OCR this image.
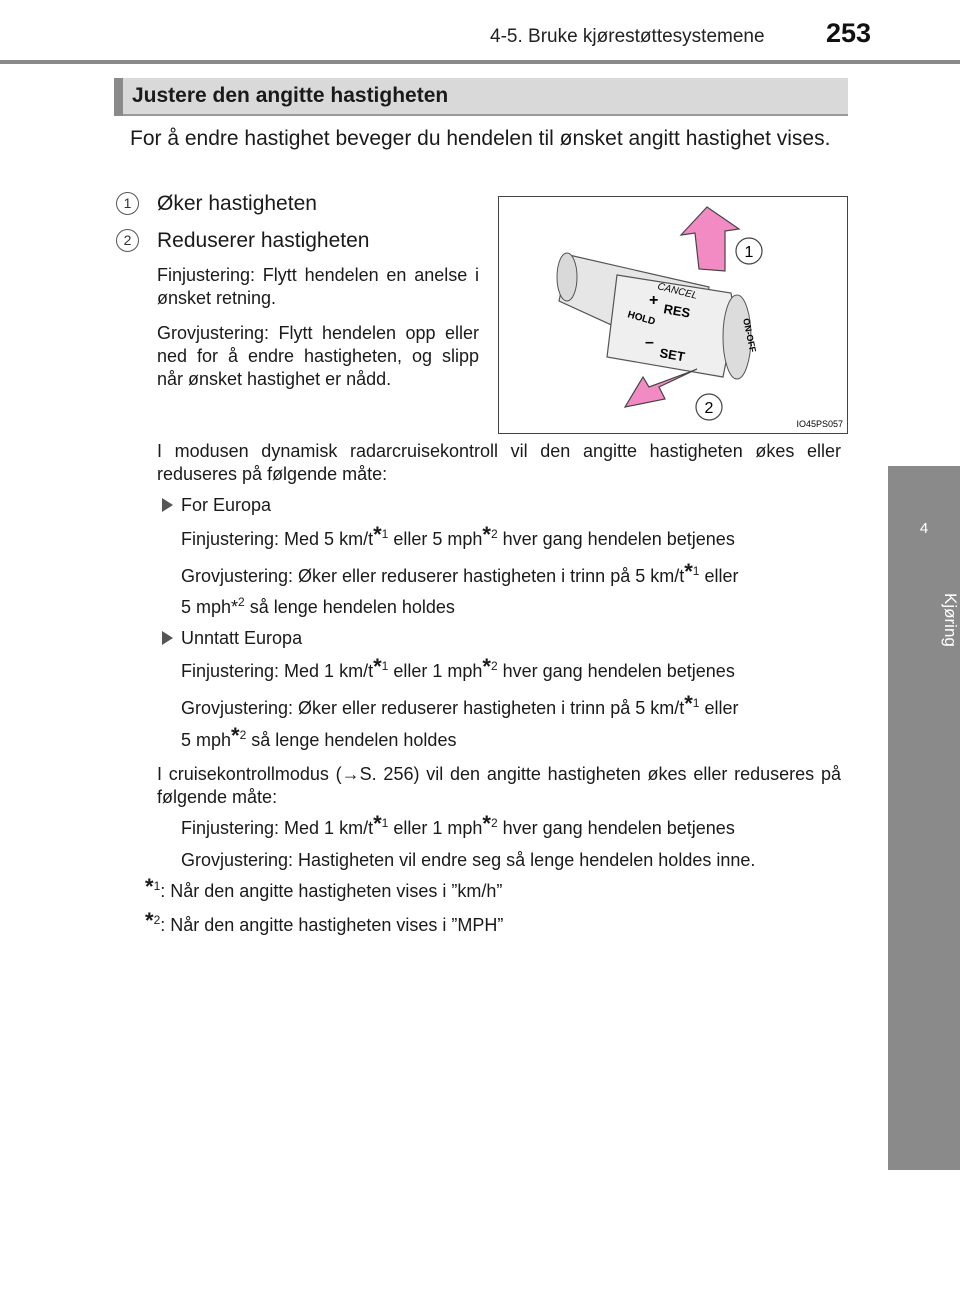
4-5. Bruke kjørestøttesystemene 253
4
Kjøring
Justere den angitte hastigheten
For å endre hastighet beveger du hendelen til ønsket angitt hastighet vises.
1	Øker hastigheten
2	Reduserer hastigheten
Finjustering: Flytt hendelen en anelse i ønsket retning.
Grovjustering: Flytt hendelen opp eller ned for å endre hastigheten, og slipp når ønsket hastighet er nådd.
CANCEL
+
RES
HOLD
–
SET
ON-OFF
1
2
IO45PS057
I modusen dynamisk radarcruisekontroll vil den angitte hastigheten økes eller reduseres på følgende måte:
For Europa
Finjustering: Med 5 km/t*$^1$ eller 5 mph*$^2$ hver gang hendelen betjenes
Grovjustering: Øker eller reduserer hastigheten i trinn på 5 km/t*$^1$ eller
5 mph*$^2$ så lenge hendelen holdes
Unntatt Europa
Finjustering: Med 1 km/t*$^1$ eller 1 mph*$^2$ hver gang hendelen betjenes
Grovjustering: Øker eller reduserer hastigheten i trinn på 5 km/t*$^1$ eller
5 mph*$^2$ så lenge hendelen holdes
I cruisekontrollmodus (→S. 256) vil den angitte hastigheten økes eller reduseres på følgende måte:
Finjustering: Med 1 km/t*$^1$ eller 1 mph*$^2$ hver gang hendelen betjenes
Grovjustering: Hastigheten vil endre seg så lenge hendelen holdes inne.
*$^1$: Når den angitte hastigheten vises i ”km/h”
*$^2$: Når den angitte hastigheten vises i ”MPH”
